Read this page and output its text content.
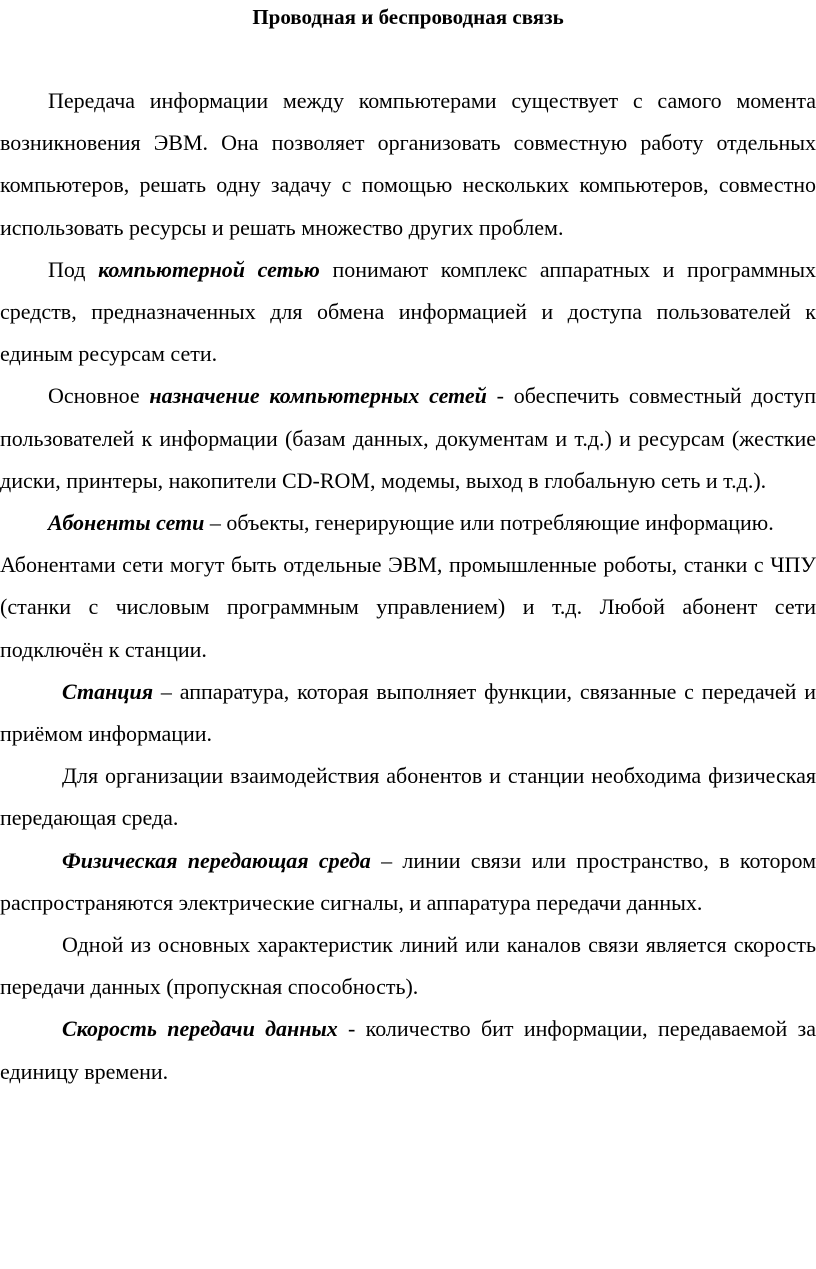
Проводная и беспроводная связь

Передача информации между компьютерами существует с самого момента возникновения ЭВМ. Она позволяет организовать совместную работу отдельных компьютеров, решать одну задачу с помощью нескольких компьютеров, совместно использовать ресурсы и решать множество других проблем.

Под компьютерной сетью понимают комплекс аппаратных и программных средств, предназначенных для обмена информацией и доступа пользователей к единым ресурсам сети.

Основное назначение компьютерных сетей - обеспечить совместный доступ пользователей к информации (базам данных, документам и т.д.) и ресурсам (жесткие диски, принтеры, накопители CD-ROM, модемы, выход в глобальную сеть и т.д.).

Абоненты сети – объекты, генерирующие или потребляющие информацию.

Абонентами сети могут быть отдельные ЭВМ, промышленные роботы, станки с ЧПУ (станки с числовым программным управлением) и т.д. Любой абонент сети подключён к станции.

Станция – аппаратура, которая выполняет функции, связанные с передачей и приёмом информации.

Для организации взаимодействия абонентов и станции необходима физическая передающая среда.

Физическая передающая среда – линии связи или пространство, в котором распространяются электрические сигналы, и аппаратура передачи данных.

Одной из основных характеристик линий или каналов связи является скорость передачи данных (пропускная способность).

Скорость передачи данных - количество бит информации, передаваемой за единицу времени.
